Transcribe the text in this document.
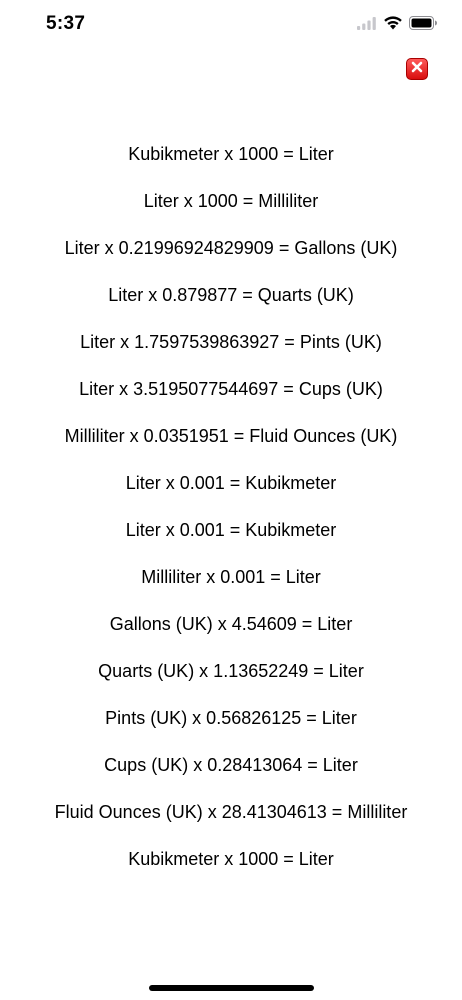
5:37
Kubikmeter x 1000 = Liter
Liter x 1000 = Milliliter
Liter x 0.21996924829909 = Gallons (UK)
Liter x 0.879877 = Quarts (UK)
Liter x 1.7597539863927 = Pints (UK)
Liter x 3.5195077544697 = Cups (UK)
Milliliter x 0.0351951 = Fluid Ounces (UK)
Liter x 0.001 = Kubikmeter
Liter x 0.001 = Kubikmeter
Milliliter x 0.001 = Liter
Gallons (UK) x 4.54609 = Liter
Quarts (UK) x 1.13652249 = Liter
Pints (UK) x 0.56826125 = Liter
Cups (UK) x 0.28413064 = Liter
Fluid Ounces (UK) x 28.41304613 = Milliliter
Kubikmeter x 1000 = Liter
